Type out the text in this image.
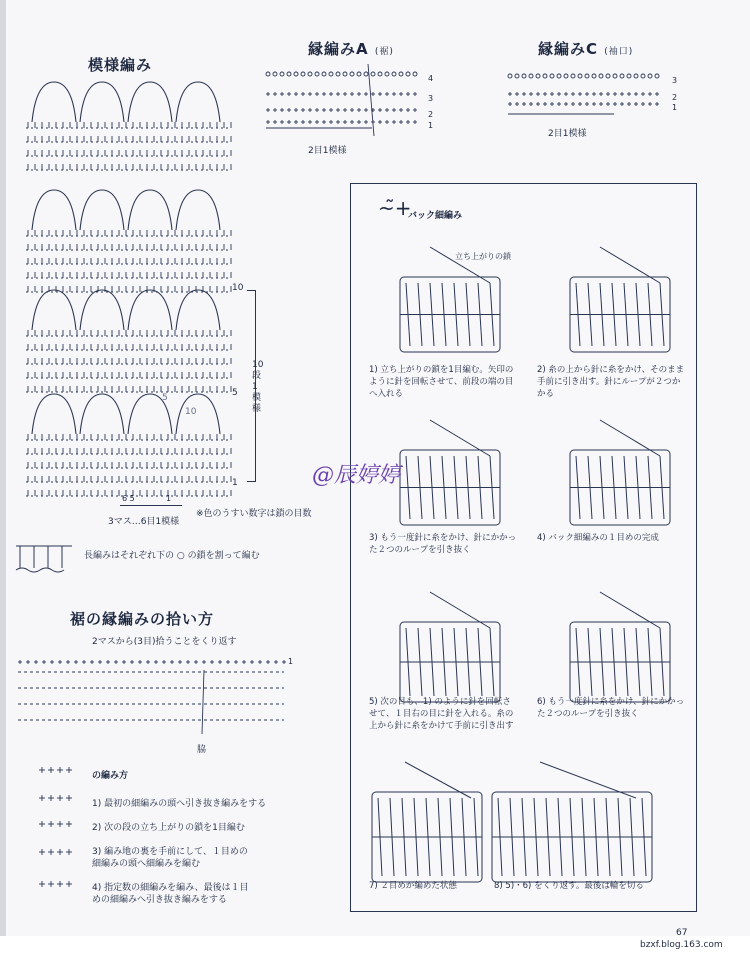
模様編み
10
5
1
10段1模様
5
10
6 5	1
3マス…6目1模様
※色のうすい数字は鎖の目数
長編みはそれぞれ下の ○ の鎖を割って編む
縁編みA (裾)
4
3
2
1
2目1模様
縁編みC (袖口)
3
2
1
2目1模様
~̃+
バック細編み
立ち上がりの鎖
1) 立ち上がりの鎖を1目編む。矢印のように針を回転させて、前段の端の目へ入れる
2) 糸の上から針に糸をかけ、そのまま手前に引き出す。針にループが２つかかる
3) もう一度針に糸をかけ、針にかかった２つのループを引き抜く
4) バック細編みの１目めの完成
5) 次の目も、1) のように針を回転させて、１目右の目に針を入れる。糸の上から針に糸をかけて手前に引き出す
6) もう一度針に糸をかけ、針にかかった２つのループを引き抜く
7) ２目めが編めた状態	8) 5)・6) をくり返す。最後は輪を切る
@辰婷婷
裾の縁編みの拾い方
2マスから(3目)拾うことをくり返す
1
脇
の編み方
1) 最初の細編みの頭へ引き抜き編みをする
2) 次の段の立ち上がりの鎖を1目編む
3) 編み地の裏を手前にして、１目めの細編みの頭へ細編みを編む
4) 指定数の細編みを編み、最後は１目めの細編みへ引き抜き編みをする
67
bzxf.blog.163.com
